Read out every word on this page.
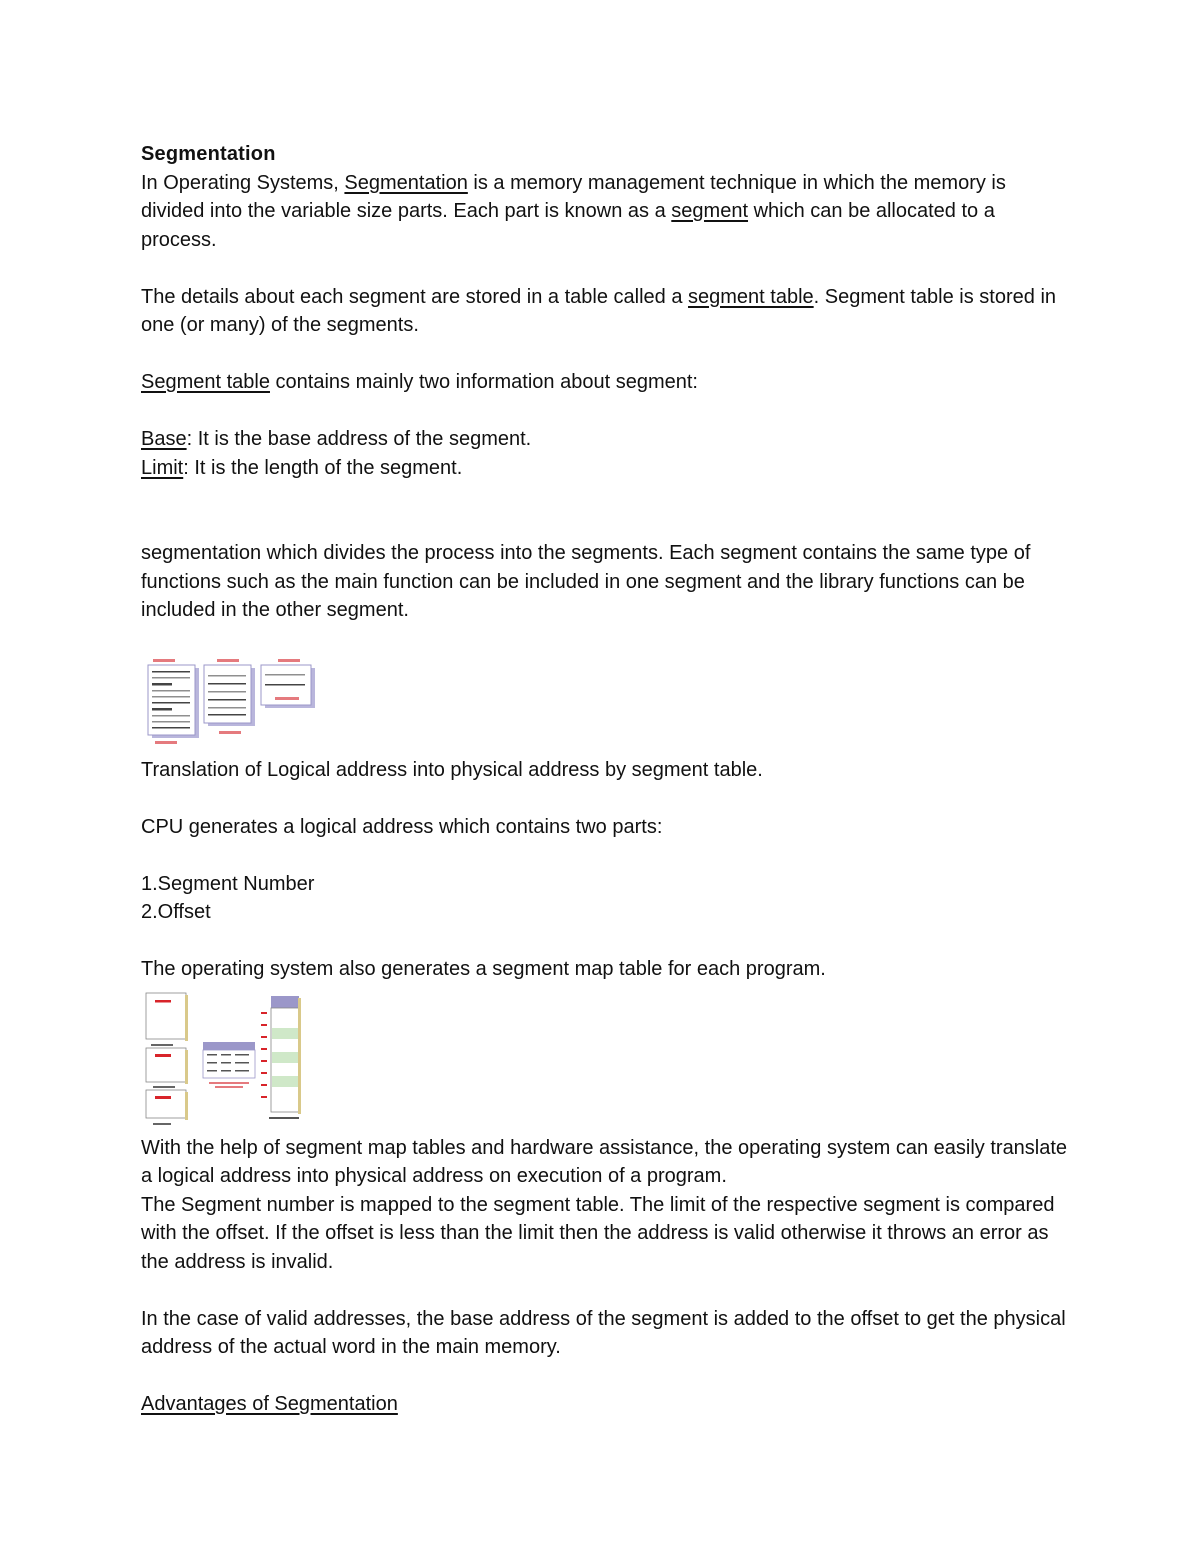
Segmentation

In Operating Systems, Segmentation is a memory management technique in which the memory is divided into the variable size parts. Each part is known as a segment which can be allocated to a process.

The details about each segment are stored in a table called a segment table. Segment table is stored in one (or many) of the segments.

Segment table contains mainly two information about segment:

Base: It is the base address of the segment.

Limit: It is the length of the segment.

segmentation which divides the process into the segments. Each segment contains the same type of functions such as the main function can be included in one segment and the library functions can be included in the other segment.

Translation of Logical address into physical address by segment table.

CPU generates a logical address which contains two parts:

1.Segment Number

2.Offset

The operating system also generates a segment map table for each program.

With the help of segment map tables and hardware assistance, the operating system can easily translate a logical address into physical address on execution of a program.

The Segment number is mapped to the segment table. The limit of the respective segment is compared with the offset. If the offset is less than the limit then the address is valid otherwise it throws an error as the address is invalid.

In the case of valid addresses, the base address of the segment is added to the offset to get the physical address of the actual word in the main memory.

Advantages of Segmentation
